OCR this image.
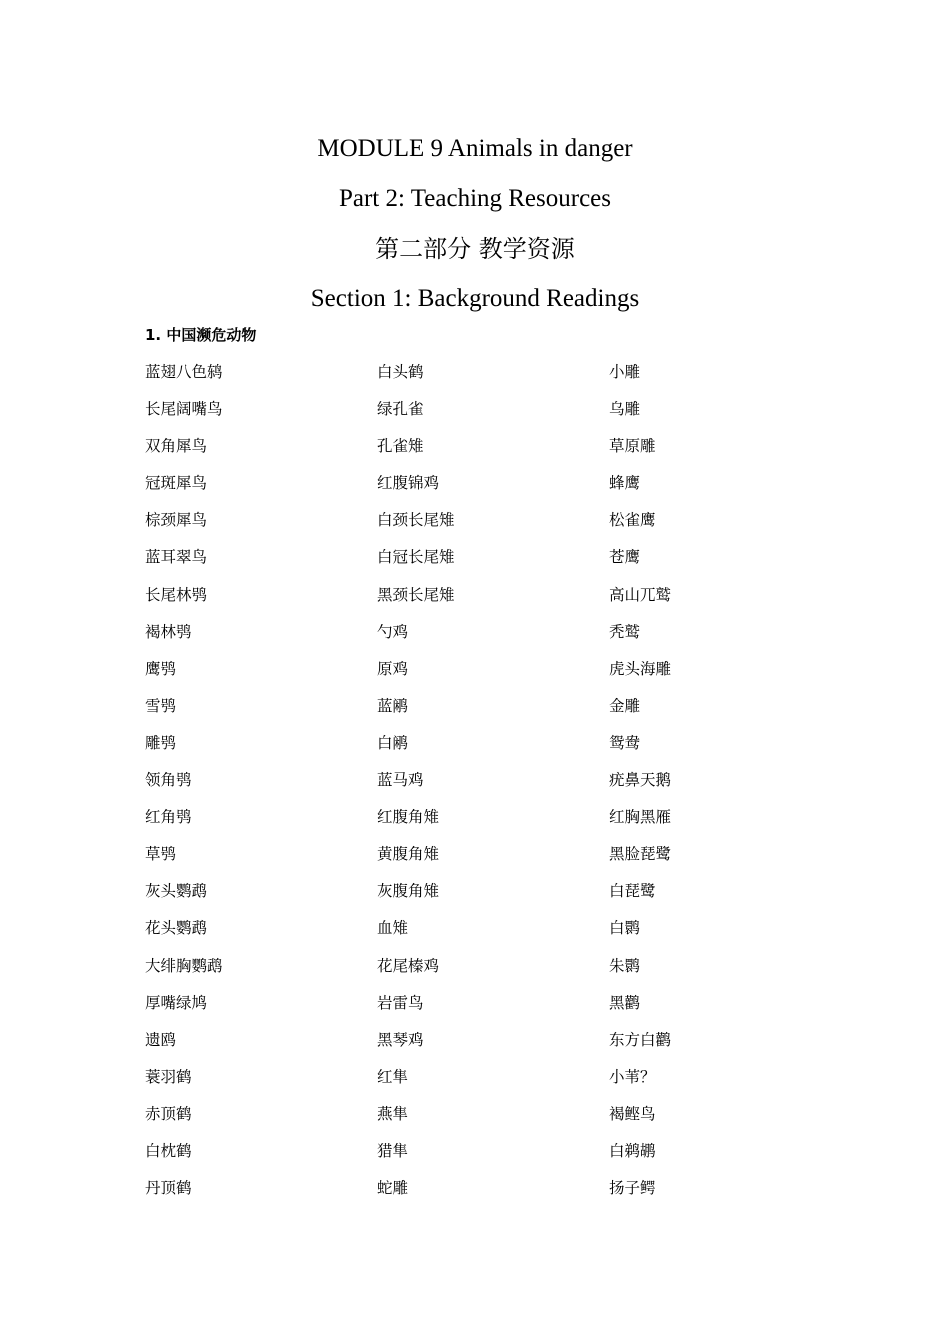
MODULE 9 Animals in danger
Part 2: Teaching Resources
第二部分 教学资源
Section 1: Background Readings
1. 中国濒危动物
蓝翅八色鸫
长尾阔嘴鸟
双角犀鸟
冠斑犀鸟
棕颈犀鸟
蓝耳翠鸟
长尾林鸮
褐林鸮
鹰鸮
雪鸮
雕鸮
领角鸮
红角鸮
草鸮
灰头鹦鹉
花头鹦鹉
大绯胸鹦鹉
厚嘴绿鸠
遗鸥
蓑羽鹤
赤顶鹤
白枕鹤
丹顶鹤
白头鹤
绿孔雀
孔雀雉
红腹锦鸡
白颈长尾雉
白冠长尾雉
黑颈长尾雉
勺鸡
原鸡
蓝鹇
白鹇
蓝马鸡
红腹角雉
黄腹角雉
灰腹角雉
血雉
花尾榛鸡
岩雷鸟
黑琴鸡
红隼
燕隼
猎隼
蛇雕
小雕
乌雕
草原雕
蜂鹰
松雀鹰
苍鹰
高山兀鹫
秃鹫
虎头海雕
金雕
鸳鸯
疣鼻天鹅
红胸黑雁
黑脸琵鹭
白琵鹭
白鹮
朱鹮
黑鹳
东方白鹳
小苇？
褐鲣鸟
白鹈鹕
扬子鳄
